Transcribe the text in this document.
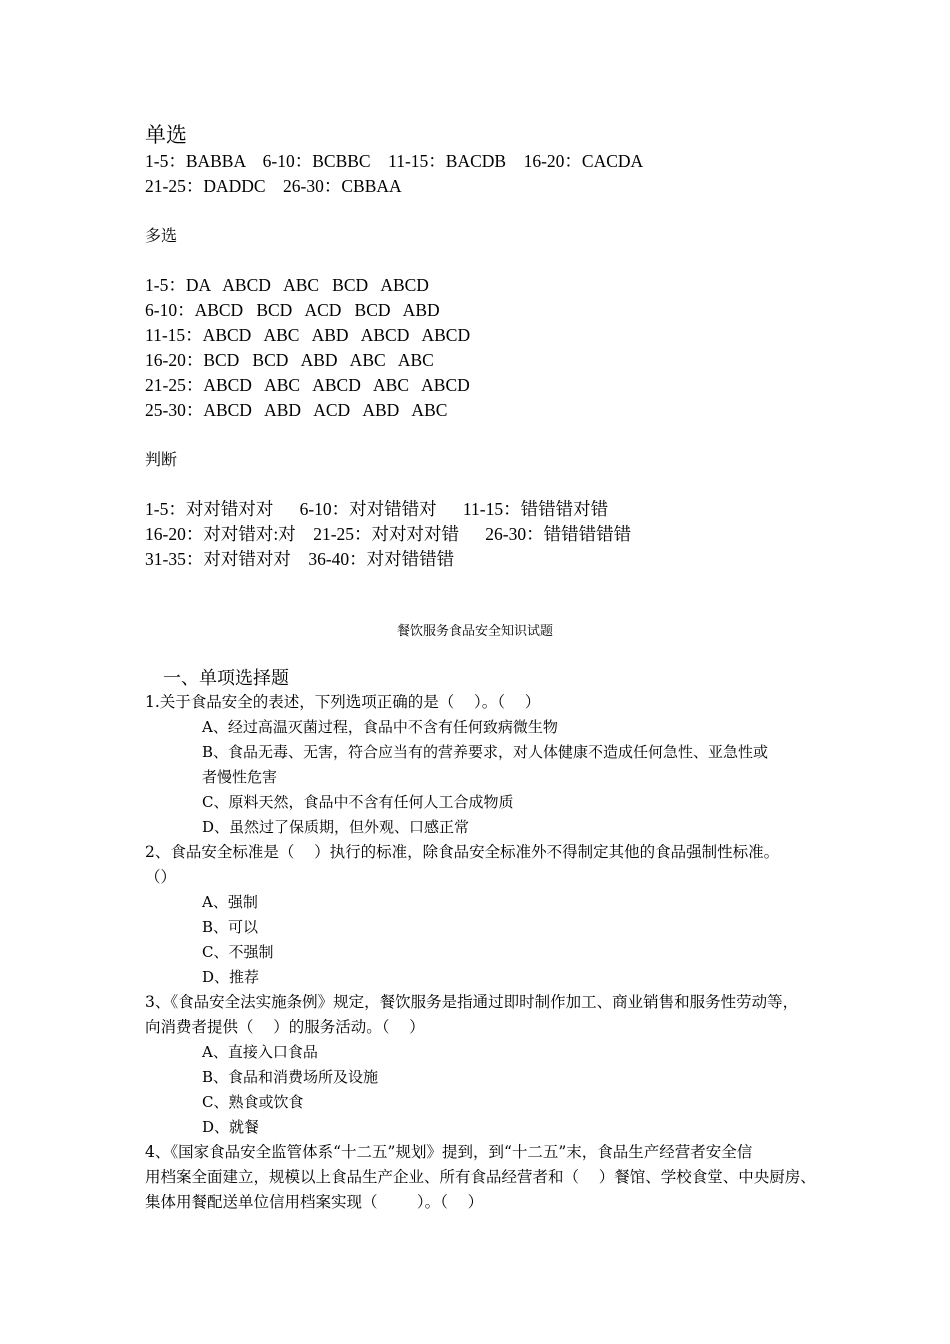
单选
1-5：BABBA    6-10：BCBBC    11-15：BACDB    16-20：CACDA
21-25：DADDC    26-30：CBBAA
多选
1-5：DA   ABCD   ABC   BCD   ABCD
6-10：ABCD   BCD   ACD   BCD   ABD
11-15：ABCD   ABC   ABD   ABCD   ABCD
16-20：BCD   BCD   ABD   ABC   ABC
21-25：ABCD   ABC   ABCD   ABC   ABCD
25-30：ABCD   ABD   ACD   ABD   ABC
判断
1-5：对对错对对      6-10：对对错错对      11-15：错错错对错
16-20：对对错对:对    21-25：对对对对错      26-30：错错错错错
31-35：对对错对对    36-40：对对错错错
餐饮服务食品安全知识试题
一、单项选择题
1.关于食品安全的表述，下列选项正确的是（    ）。（    ）
A、经过高温灭菌过程，食品中不含有任何致病微生物
B、食品无毒、无害，符合应当有的营养要求，对人体健康不造成任何急性、亚急性或
者慢性危害
C、原料天然，食品中不含有任何人工合成物质
D、虽然过了保质期，但外观、口感正常
2、食品安全标准是（    ）执行的标准，除食品安全标准外不得制定其他的食品强制性标准。
（）
A、强制
B、可以
C、不强制
D、推荐
3、《食品安全法实施条例》规定，餐饮服务是指通过即时制作加工、商业销售和服务性劳动等，
向消费者提供（    ）的服务活动。（    ）
A、直接入口食品
B、食品和消费场所及设施
C、熟食或饮食
D、就餐
4、《国家食品安全监管体系“十二五”规划》提到，到“十二五”末，食品生产经营者安全信
用档案全面建立，规模以上食品生产企业、所有食品经营者和（    ）餐馆、学校食堂、中央厨房、
集体用餐配送单位信用档案实现（        ）。（    ）
